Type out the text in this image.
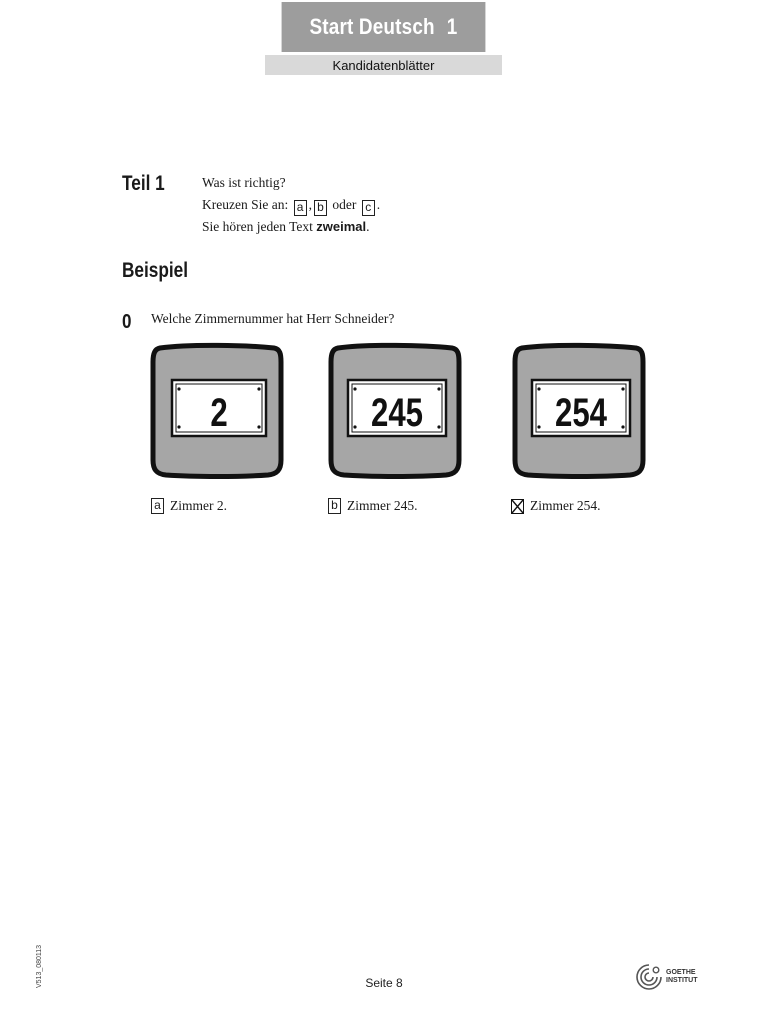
Start Deutsch 1
Kandidatenblätter
Teil 1	Was ist richtig?
Kreuzen Sie an: a , b oder c .
Sie hören jeden Text zweimal.
Beispiel
0 Welche Zimmernummer hat Herr Schneider?
2	245	254
a Zimmer 2.	b Zimmer 245.	Zimmer 254.
V513_080113	Seite 8
GOETHE
INSTITUT
